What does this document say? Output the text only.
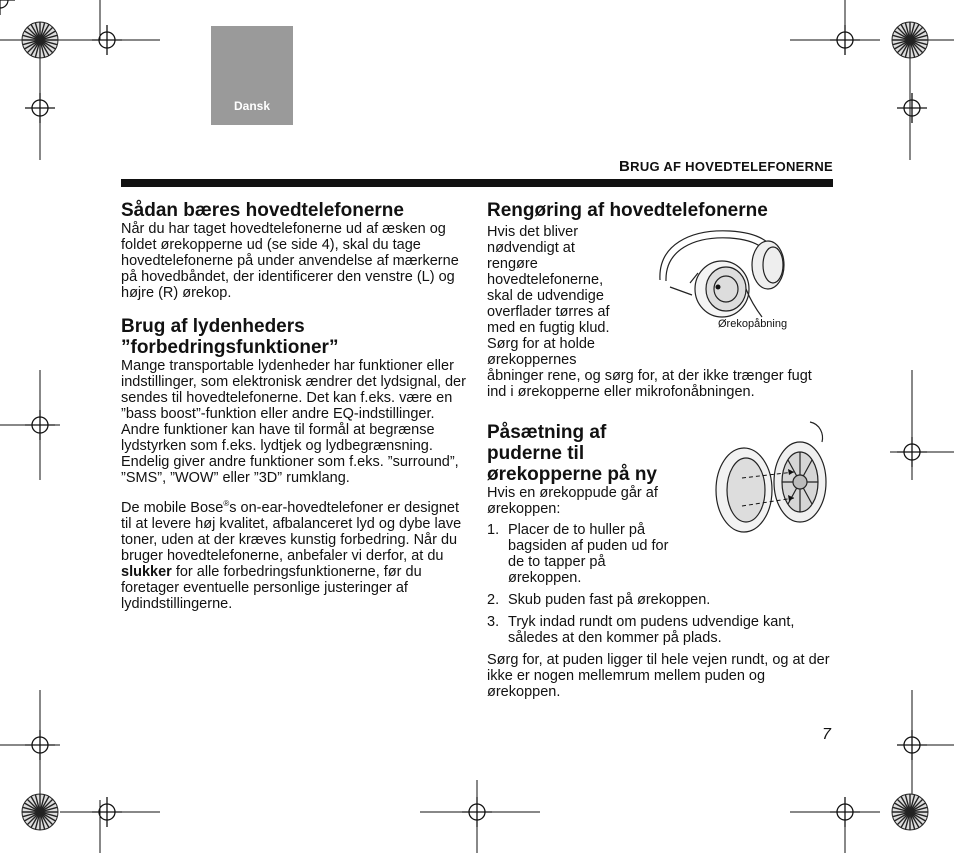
Dansk
BRUG AF HOVEDTELEFONERNE
Sådan bæres hovedtelefonerne

Når du har taget hovedtelefonerne ud af æsken og foldet ørekopperne ud (se side 4), skal du tage hovedtelefonerne på under anvendelse af mærkerne på hovedbåndet, der identificerer den venstre (L) og højre (R) ørekop.

Brug af lydenheders
”forbedringsfunktioner”

Mange transportable lydenheder har funktioner eller indstillinger, som elektronisk ændrer det lydsignal, der sendes til hovedtelefonerne. Det kan f.eks. være en ”bass boost”-funktion eller andre EQ-indstillinger. Andre funktioner kan have til formål at begrænse lydstyrken som f.eks. lydtjek og lydbegrænsning. Endelig giver andre funktioner som f.eks. ”surround”, ”SMS”, ”WOW” eller ”3D” rumklang.

De mobile Bose®s on-ear-hovedtelefoner er designet til at levere høj kvalitet, afbalanceret lyd og dybe lave toner, uden at der kræves kunstig forbedring. Når du bruger hovedtelefonerne, anbefaler vi derfor, at du slukker for alle forbedringsfunktionerne, før du foretager eventuelle personlige justeringer af lydindstillingerne.

Rengøring af hovedtelefonerne
Hvis det bliver
nødvendigt at
rengøre
hovedtelefonerne,
skal de udvendige
overflader tørres af
med en fugtig klud.
Sørg for at holde
ørekoppernes

åbninger rene, og sørg for, at der ikke trænger fugt ind i ørekopperne eller mikrofonåbningen.

Påsætning af
puderne til
ørekopperne på ny
Hvis en ørekoppude går af
ørekoppen:
1. Placer de to huller på
bagsiden af puden ud for
de to tapper på
ørekoppen.
2. Skub puden fast på ørekoppen.
3. Tryk indad rundt om pudens udvendige kant,
således at den kommer på plads.

Sørg for, at puden ligger til hele vejen rundt, og at der ikke er nogen mellemrum mellem puden og ørekoppen.

Ørekopåbning
7
